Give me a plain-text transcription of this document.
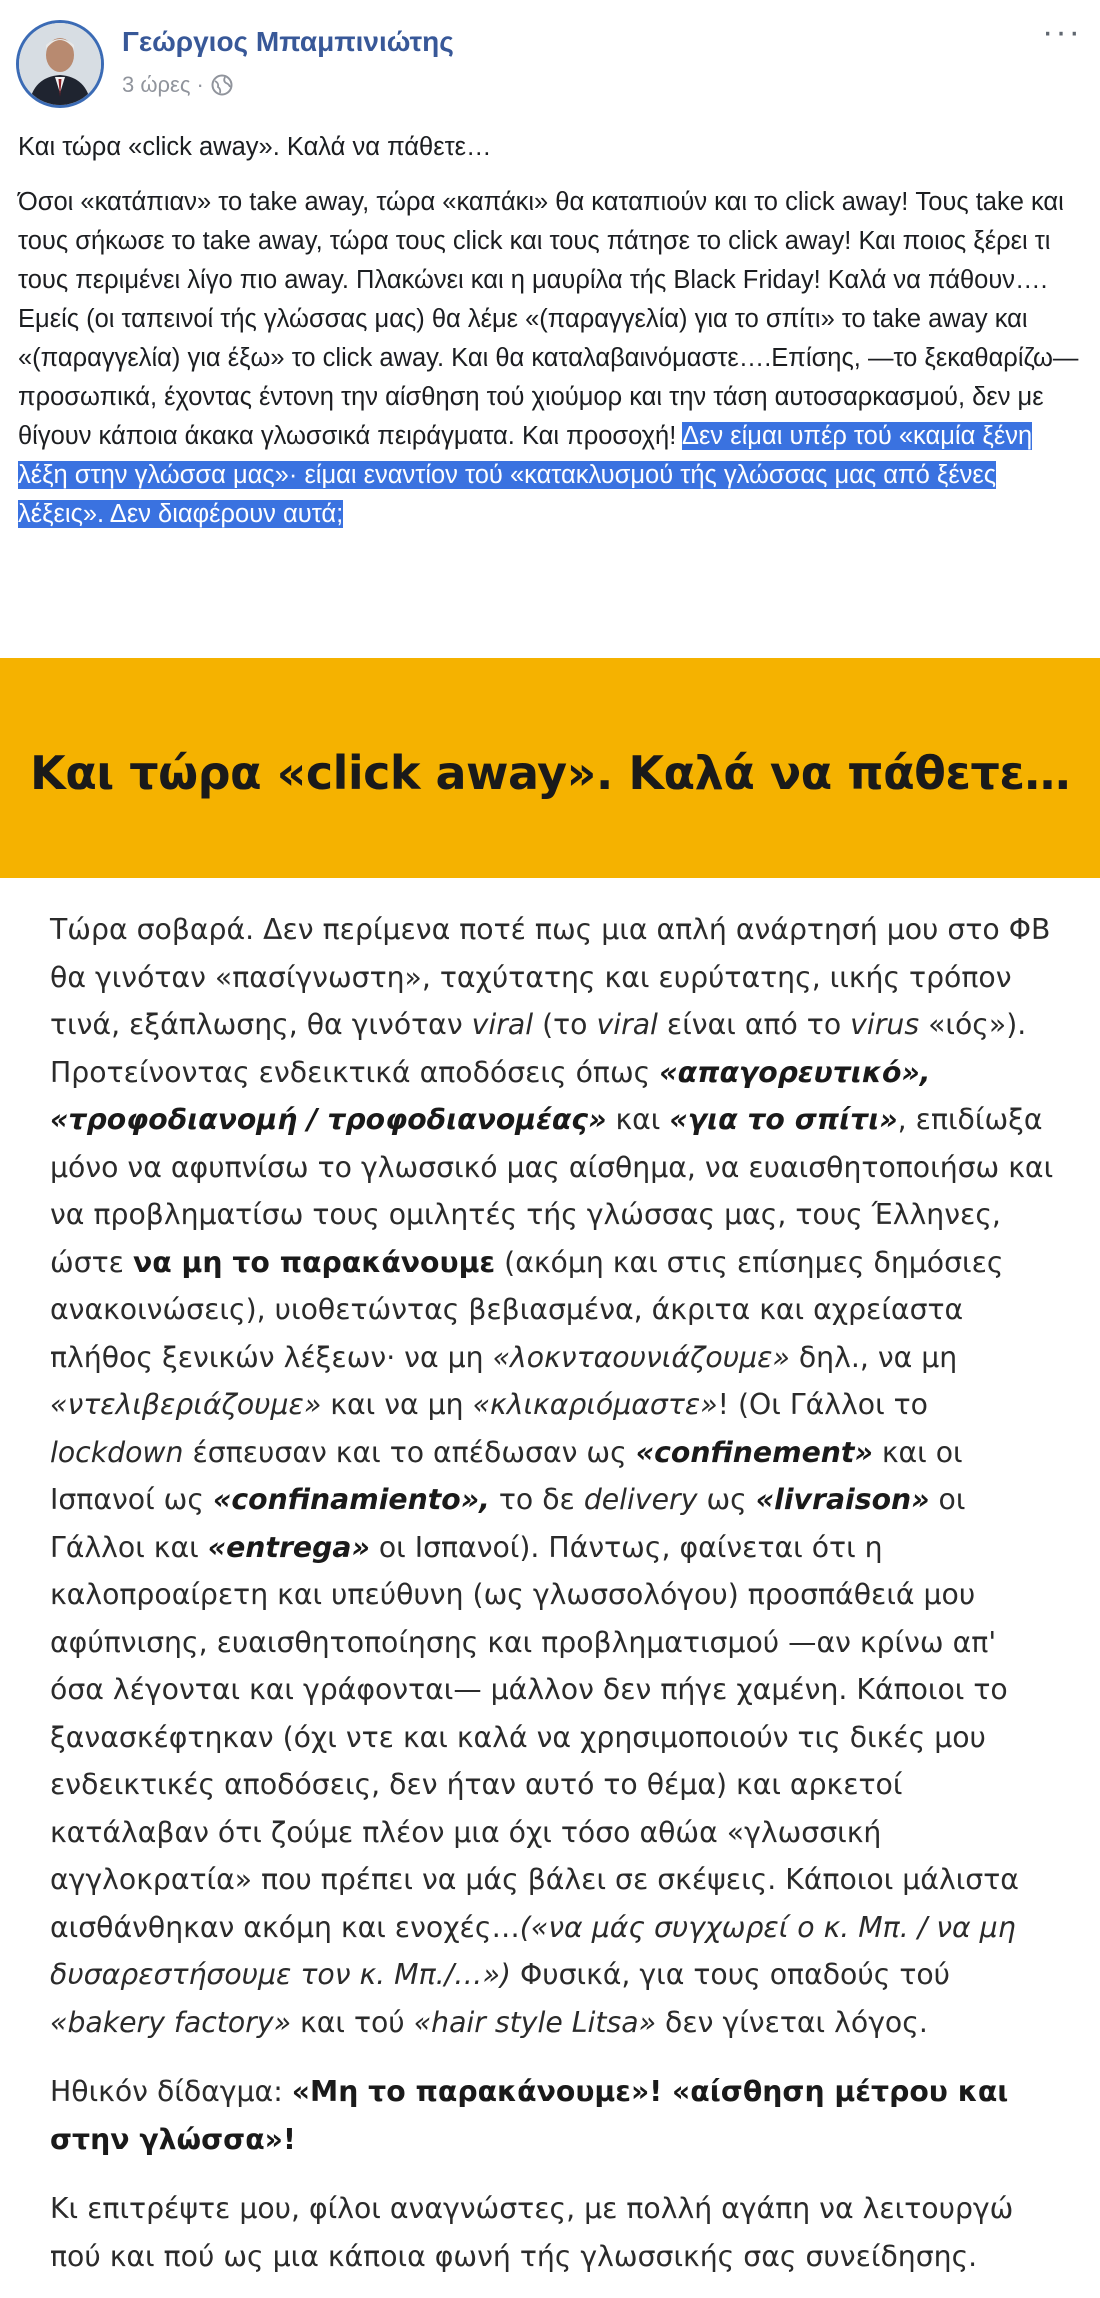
Γεώργιος Μπαμπινιώτης
3 ώρες ·
···

Και τώρα «click away». Καλά να πάθετε…

Όσοι «κατάπιαν» το take away, τώρα «καπάκι» θα καταπιούν και το click away! Τους take και τους σήκωσε το take away, τώρα τους click και τους πάτησε το click away! Και ποιος ξέρει τι τους περιμένει λίγο πιο away. Πλακώνει και η μαυρίλα τής Black Friday! Καλά να πάθουν….

Εμείς (οι ταπεινοί τής γλώσσας μας) θα λέμε «(παραγγελία) για το σπίτι» το take away και «(παραγγελία) για έξω» το click away. Και θα καταλαβαινόμαστε….Επίσης, —το ξεκαθαρίζω—προσωπικά, έχοντας έντονη την αίσθηση τού χιούμορ και την τάση αυτοσαρκασμού, δεν με θίγουν κάποια άκακα γλωσσικά πειράγματα. Και προσοχή! Δεν είμαι υπέρ τού «καμία ξένη λέξη στην γλώσσα μας»· είμαι εναντίον τού «κατακλυσμού τής γλώσσας μας από ξένες λέξεις». Δεν διαφέρουν αυτά;

Και τώρα «click away». Καλά να πάθετε…

Τώρα σοβαρά. Δεν περίμενα ποτέ πως μια απλή ανάρτησή μου στο ΦΒ θα γινόταν «πασίγνωστη», ταχύτατης και ευρύτατης, ιικής τρόπον τινά, εξάπλωσης, θα γινόταν viral (το viral είναι από το virus «ιός»). Προτείνοντας ενδεικτικά αποδόσεις όπως «απαγορευτικό», «τροφοδιανομή / τροφοδιανομέας» και «για το σπίτι», επιδίωξα μόνο να αφυπνίσω το γλωσσικό μας αίσθημα, να ευαισθητοποιήσω και να προβληματίσω τους ομιλητές τής γλώσσας μας, τους Έλληνες, ώστε να μη το παρακάνουμε (ακόμη και στις επίσημες δημόσιες ανακοινώσεις), υιοθετώντας βεβιασμένα, άκριτα και αχρείαστα πλήθος ξενικών λέξεων· να μη «λοκνταουνιάζουμε» δηλ., να μη «ντελιβεριάζουμε» και να μη «κλικαριόμαστε»! (Οι Γάλλοι το lockdown έσπευσαν και το απέδωσαν ως «confinement» και οι Ισπανοί ως «confinamiento», το δε delivery ως «livraison» οι Γάλλοι και «entrega» οι Ισπανοί). Πάντως, φαίνεται ότι η καλοπροαίρετη και υπεύθυνη (ως γλωσσολόγου) προσπάθειά μου αφύπνισης, ευαισθητοποίησης και προβληματισμού —αν κρίνω απ' όσα λέγονται και γράφονται— μάλλον δεν πήγε χαμένη. Κάποιοι το ξανασκέφτηκαν (όχι ντε και καλά να χρησιμοποιούν τις δικές μου ενδεικτικές αποδόσεις, δεν ήταν αυτό το θέμα) και αρκετοί κατάλαβαν ότι ζούμε πλέον μια όχι τόσο αθώα «γλωσσική αγγλοκρατία» που πρέπει να μάς βάλει σε σκέψεις. Κάποιοι μάλιστα αισθάνθηκαν ακόμη και ενοχές…(«να μάς συγχωρεί ο κ. Μπ. / να μη δυσαρεστήσουμε τον κ. Μπ./…») Φυσικά, για τους οπαδούς τού «bakery factory» και τού «hair style Litsa» δεν γίνεται λόγος.

Ηθικόν δίδαγμα: «Μη το παρακάνουμε»! «αίσθηση μέτρου και στην γλώσσα»!

Κι επιτρέψτε μου, φίλοι αναγνώστες, με πολλή αγάπη να λειτουργώ πού και πού ως μια κάποια φωνή τής γλωσσικής σας συνείδησης.
